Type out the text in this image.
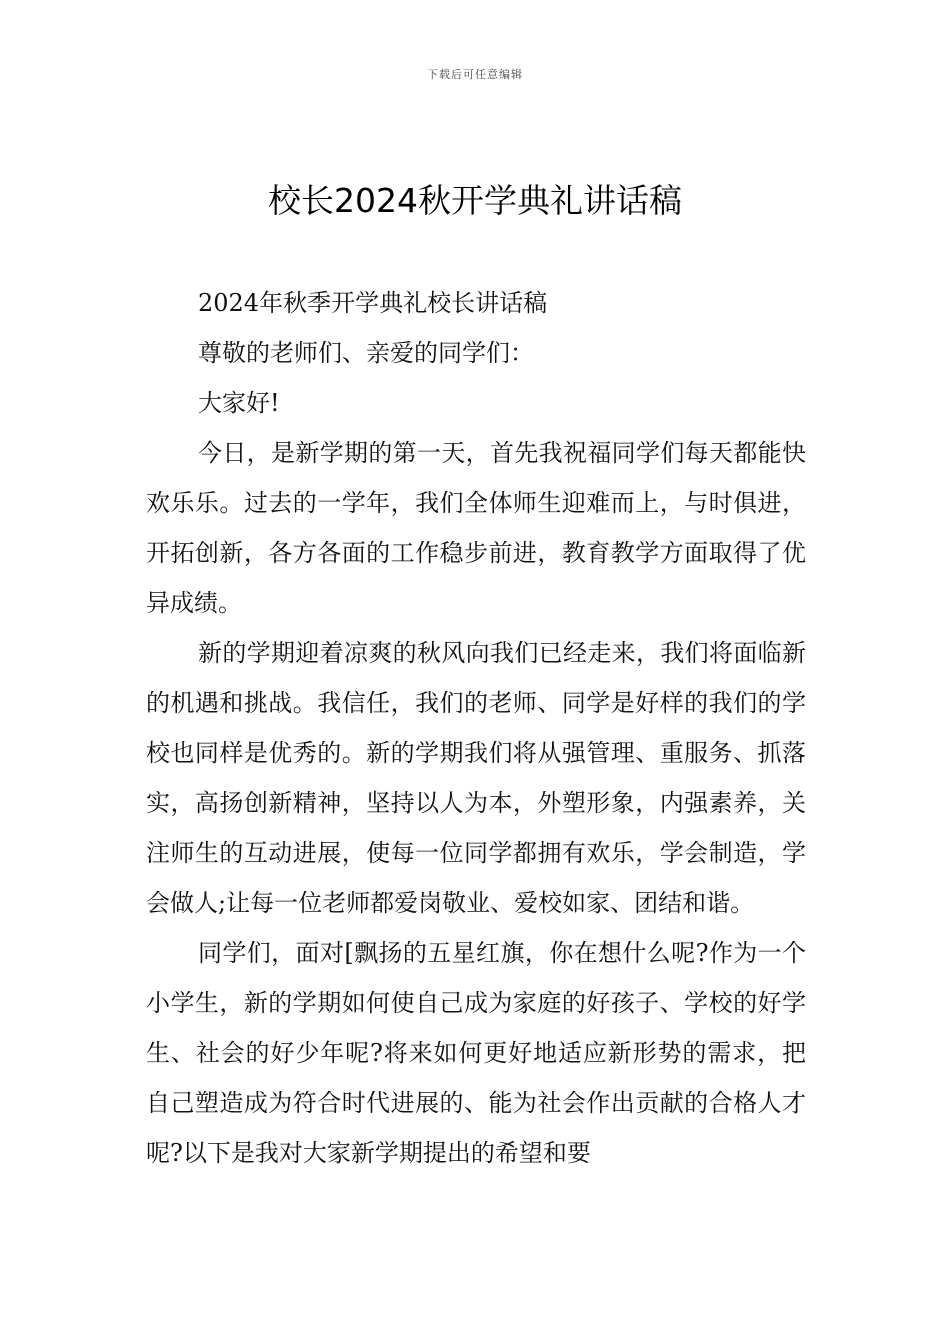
下载后可任意编辑
校长2024秋开学典礼讲话稿

2024年秋季开学典礼校长讲话稿

尊敬的老师们、亲爱的同学们：

大家好!

今日，是新学期的第一天，首先我祝福同学们每天都能快欢乐乐。过去的一学年，我们全体师生迎难而上，与时俱进，开拓创新，各方各面的工作稳步前进，教育教学方面取得了优异成绩。

新的学期迎着凉爽的秋风向我们已经走来，我们将面临新的机遇和挑战。我信任，我们的老师、同学是好样的我们的学校也同样是优秀的。新的学期我们将从强管理、重服务、抓落实，高扬创新精神，坚持以人为本，外塑形象，内强素养，关注师生的互动进展，使每一位同学都拥有欢乐，学会制造，学会做人;让每一位老师都爱岗敬业、爱校如家、团结和谐。

同学们，面对[飘扬的五星红旗，你在想什么呢?作为一个小学生，新的学期如何使自己成为家庭的好孩子、学校的好学生、社会的好少年呢?将来如何更好地适应新形势的需求，把自己塑造成为符合时代进展的、能为社会作出贡献的合格人才呢?以下是我对大家新学期提出的希望和要
